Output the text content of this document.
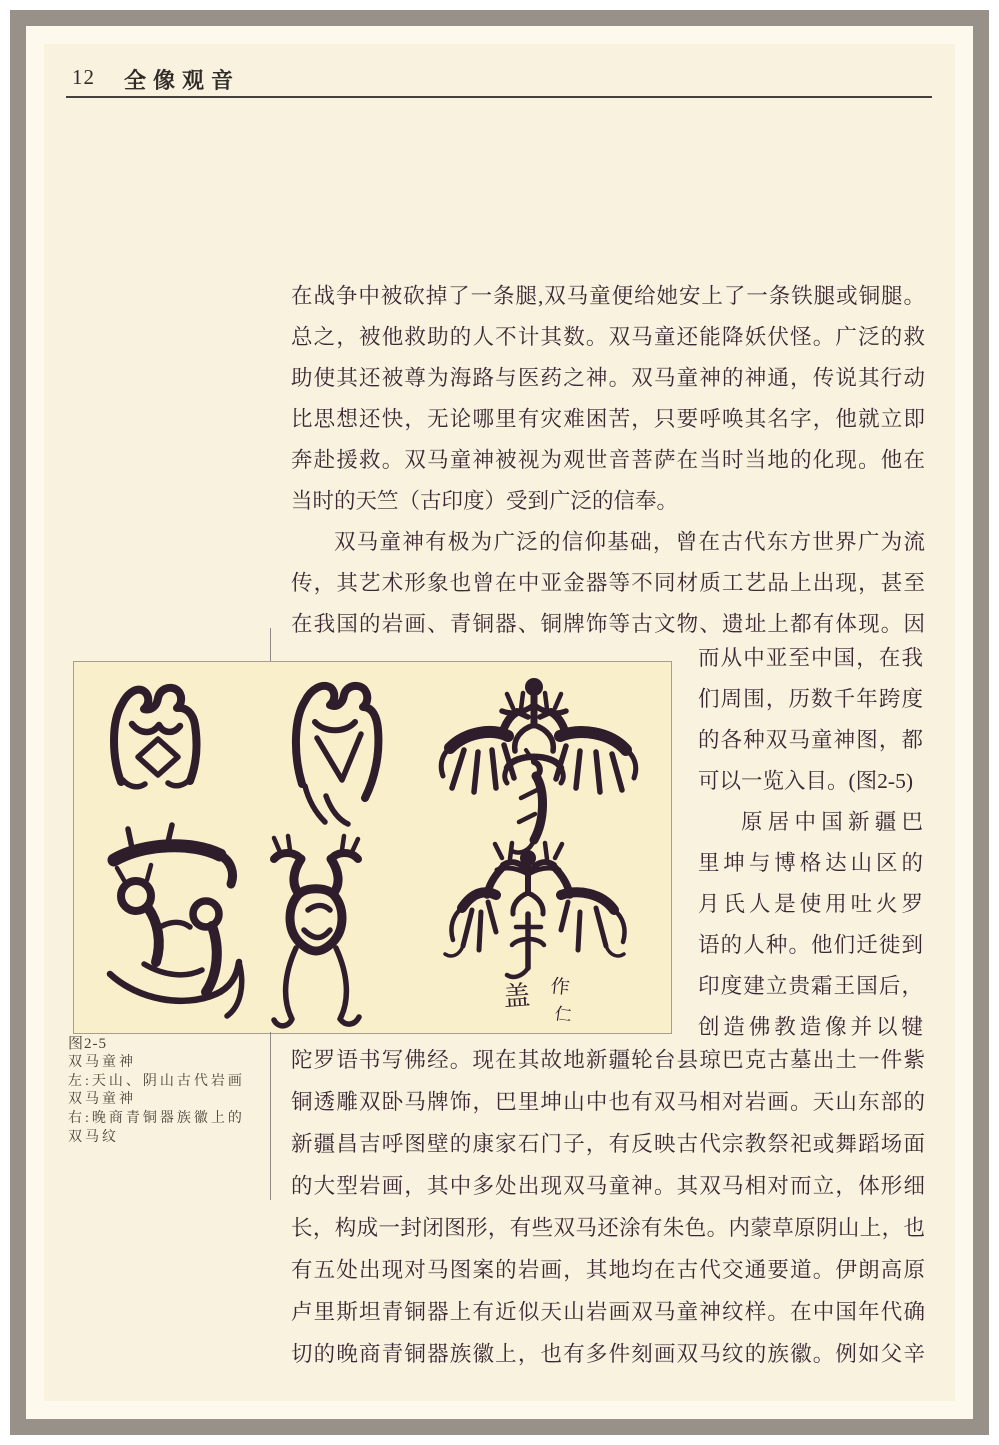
12 全像观音
在战争中被砍掉了一条腿,双马童便给她安上了一条铁腿或铜腿。
总之，被他救助的人不计其数。双马童还能降妖伏怪。广泛的救
助使其还被尊为海路与医药之神。双马童神的神通，传说其行动
比思想还快，无论哪里有灾难困苦，只要呼唤其名字，他就立即
奔赴援救。双马童神被视为观世音菩萨在当时当地的化现。他在
当时的天竺（古印度）受到广泛的信奉。
双马童神有极为广泛的信仰基础，曾在古代东方世界广为流
传，其艺术形象也曾在中亚金器等不同材质工艺品上出现，甚至
在我国的岩画、青铜器、铜牌饰等古文物、遗址上都有体现。因
而从中亚至中国，在我
们周围，历数千年跨度
的各种双马童神图，都
可以一览入目。(图2-5)
原居中国新疆巴
里坤与博格达山区的
月氏人是使用吐火罗
语的人种。他们迁徙到
印度建立贵霜王国后，
创造佛教造像并以犍
陀罗语书写佛经。现在其故地新疆轮台县琼巴克古墓出土一件紫
铜透雕双卧马牌饰，巴里坤山中也有双马相对岩画。天山东部的
新疆昌吉呼图壁的康家石门子，有反映古代宗教祭祀或舞蹈场面
的大型岩画，其中多处出现双马童神。其双马相对而立，体形细
长，构成一封闭图形，有些双马还涂有朱色。内蒙草原阴山上，也
有五处出现对马图案的岩画，其地均在古代交通要道。伊朗高原
卢里斯坦青铜器上有近似天山岩画双马童神纹样。在中国年代确
切的晚商青铜器族徽上，也有多件刻画双马纹的族徽。例如父辛
盖 作
仁
图2-5
双马童神
左:天山、阴山古代岩画
双马童神
右:晚商青铜器族徽上的
双马纹
